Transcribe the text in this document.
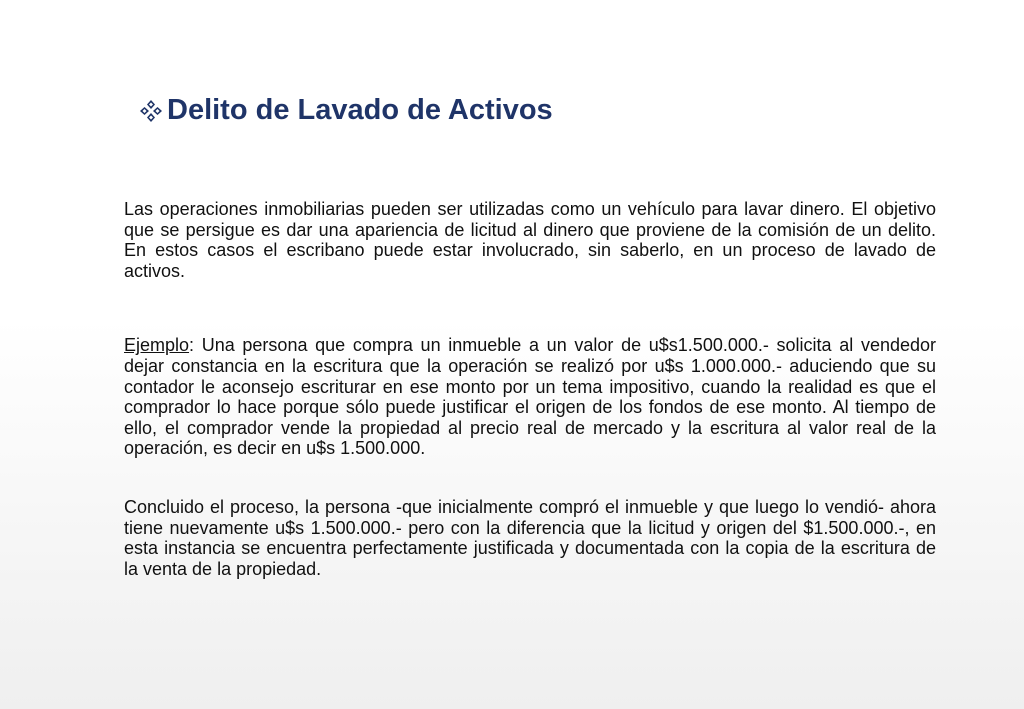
Delito de Lavado de Activos

Las operaciones inmobiliarias pueden ser utilizadas como un vehículo para lavar dinero. El objetivo que se persigue es dar una apariencia de licitud al dinero que proviene de la comisión de un delito. En estos casos el escribano puede estar involucrado, sin saberlo, en un proceso de lavado de activos.

Ejemplo: Una persona que compra un inmueble a un valor de u$s1.500.000.- solicita al vendedor dejar constancia en la escritura que la operación se realizó por u$s 1.000.000.- aduciendo que su contador le aconsejo escriturar en ese monto por un tema impositivo, cuando la realidad es que el comprador lo hace porque sólo puede justificar el origen de los fondos de ese monto. Al tiempo de ello, el comprador vende la propiedad al precio real de mercado y la escritura al valor real de la operación, es decir en u$s 1.500.000.

Concluido el proceso, la persona -que inicialmente compró el inmueble y que luego lo vendió- ahora tiene nuevamente u$s 1.500.000.- pero con la diferencia que la licitud y origen del $1.500.000.-, en esta instancia se encuentra perfectamente justificada y documentada con la copia de la escritura de la venta de la propiedad.
